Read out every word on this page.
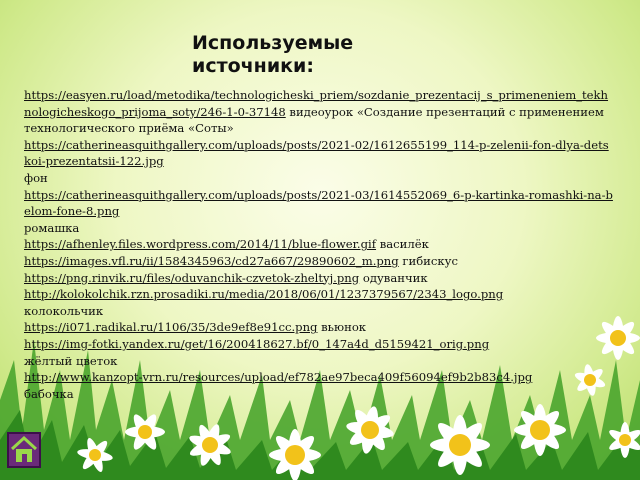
Используемые источники:
https://easyen.ru/load/metodika/technologicheski_priem/sozdanie_prezentacij_s_primeneniem_tekhnologicheskogo_prijoma_soty/246-1-0-37148 видеоурок «Создание презентаций с применением технологического приёма «Соты»
https://catherineasquithgallery.com/uploads/posts/2021-02/1612655199_114-p-zelenii-fon-dlya-detskoi-prezentatsii-122.jpg
фон
https://catherineasquithgallery.com/uploads/posts/2021-03/1614552069_6-p-kartinka-romashki-na-belom-fone-8.png
ромашка
https://afhenley.files.wordpress.com/2014/11/blue-flower.gif василёк
https://images.vfl.ru/ii/1584345963/cd27a667/29890602_m.png гибискус
https://png.rinvik.ru/files/oduvanchik-czvetok-zheltyj.png одуванчик
http://kolokolchik.rzn.prosadiki.ru/media/2018/06/01/1237379567/2343_logo.png
колокольчик
https://i071.radikal.ru/1106/35/3de9ef8e91cc.png вьюнок
https://img-fotki.yandex.ru/get/16/200418627.bf/0_147a4d_d5159421_orig.png
жёлтый цветок
http://www.kanzopt-vrn.ru/resources/upload/ef782ae97beca409f56094ef9b2b83c4.jpg
бабочка
